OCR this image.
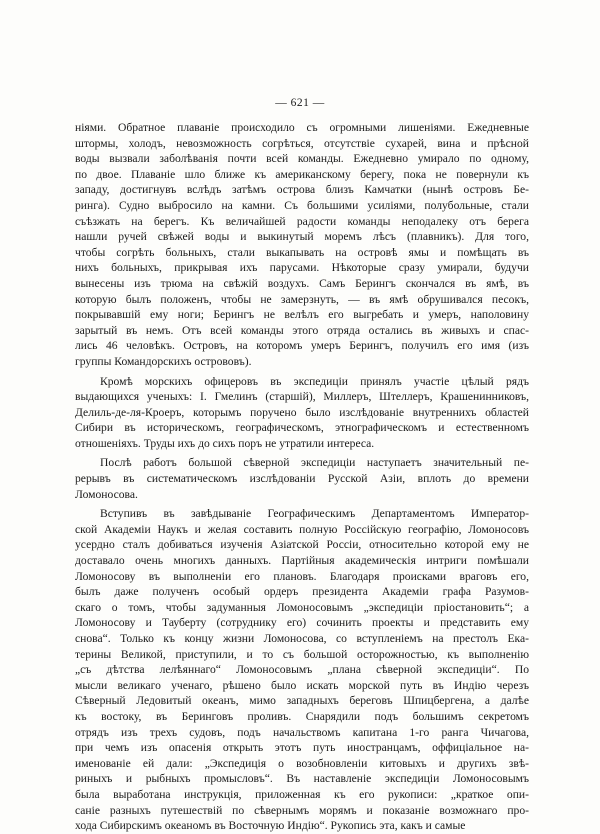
— 621 —
нiями. Обратное плаванiе происходило съ огромными лишенiями. Ежедневные
штормы, холодъ, невозможность согрѣться, отсутствiе сухарей, вина и прѣсной
воды вызвали заболѣванiя почти всей команды. Ежедневно умирало по одному,
по двое. Плаванiе шло ближе къ американскому берегу, пока не повернули къ
западу, достигнувъ вслѣдъ затѣмъ острова близъ Камчатки (нынѣ островъ Бе-
ринга). Судно выбросило на камни. Съ большими усилiями, полубольные, стали
съѣзжать на берегъ. Къ величайшей радости команды неподалеку отъ берега
нашли ручей свѣжей воды и выкинутый моремъ лѣсъ (плавникъ). Для того,
чтобы согрѣть больныхъ, стали выкапывать на островѣ ямы и помѣщать въ
нихъ больныхъ, прикрывая ихъ парусами. Нѣкоторые сразу умирали, будучи
вынесены изъ трюма на свѣжiй воздухъ. Самъ Берингъ скончался въ ямѣ, въ
которую былъ положенъ, чтобы не замерзнуть, — въ ямѣ обрушивался песокъ,
покрывавшiй ему ноги; Берингъ не велѣлъ его выгребать и умеръ, наполовину
зарытый въ немъ. Отъ всей команды этого отряда остались въ живыхъ и спас-
лись 46 человѣкъ. Островъ, на которомъ умеръ Берингъ, получилъ его имя (изъ
группы Командорскихъ острововъ).
Кромѣ морскихъ офицеровъ въ экспедицiи принялъ участiе цѣлый рядъ
выдающихся ученыхъ: I. Гмелинъ (старшiй), Миллеръ, Штеллеръ, Крашенинниковъ,
Делиль-де-ля-Кроеръ, которымъ поручено было изслѣдованiе внутреннихъ областей
Сибири въ историческомъ, географическомъ, этнографическомъ и естественномъ
отношенiяхъ. Труды ихъ до сихъ поръ не утратили интереса.
Послѣ работъ большой сѣверной экспедицiи наступаетъ значительный пе-
рерывъ въ систематическомъ изслѣдованiи Русской Азiи, вплоть до времени
Ломоносова.
Вступивъ въ завѣдыванiе Географическимъ Департаментомъ Император-
ской Академiи Наукъ и желая составить полную Россiйскую географiю, Ломоносовъ
усердно сталъ добиваться изученiя Азiатской Россiи, относительно которой ему не
доставало очень многихъ данныхъ. Партiйныя академическiя интриги помѣшали
Ломоносову въ выполненiи его плановъ. Благодаря происками враговъ его,
былъ даже полученъ особый ордеръ президента Академiи графа Разумов-
скаго о томъ, чтобы задуманныя Ломоносовымъ „экспедицiи прiостановить“; а
Ломоносову и Тауберту (сотруднику его) сочинить проекты и представить ему
снова“. Только къ концу жизни Ломоносова, со вступленiемъ на престолъ Ека-
терины Великой, приступили, и то съ большой осторожностью, къ выполненiю
„съ дѣтства лелѣяннаго“ Ломоносовымъ „плана сѣверной экспедицiи“. По
мысли великаго ученаго, рѣшено было искать морской путь въ Индiю черезъ
Сѣверный Ледовитый океанъ, мимо западныхъ береговъ Шпицбергена, а далѣе
къ востоку, въ Беринговъ проливъ. Снарядили подъ большимъ секретомъ
отрядъ изъ трехъ судовъ, подъ начальствомъ капитана 1-го ранга Чичагова,
при чемъ изъ опасенiя открыть этотъ путь иностранцамъ, оффицiальное на-
именованiе ей дали: „Экспедицiя о возобновленiи китовыхъ и другихъ звѣ-
риныхъ и рыбныхъ промысловъ“. Въ наставленiе экспедицiи Ломоносовымъ
была выработана инструкцiя, приложенная къ его рукописи: „краткое опи-
санiе разныхъ путешествiй по сѣвернымъ морямъ и показанiе возможнаго про-
хода Сибирскимъ океаномъ въ Восточную Индiю“. Рукопись эта, какъ и самые
